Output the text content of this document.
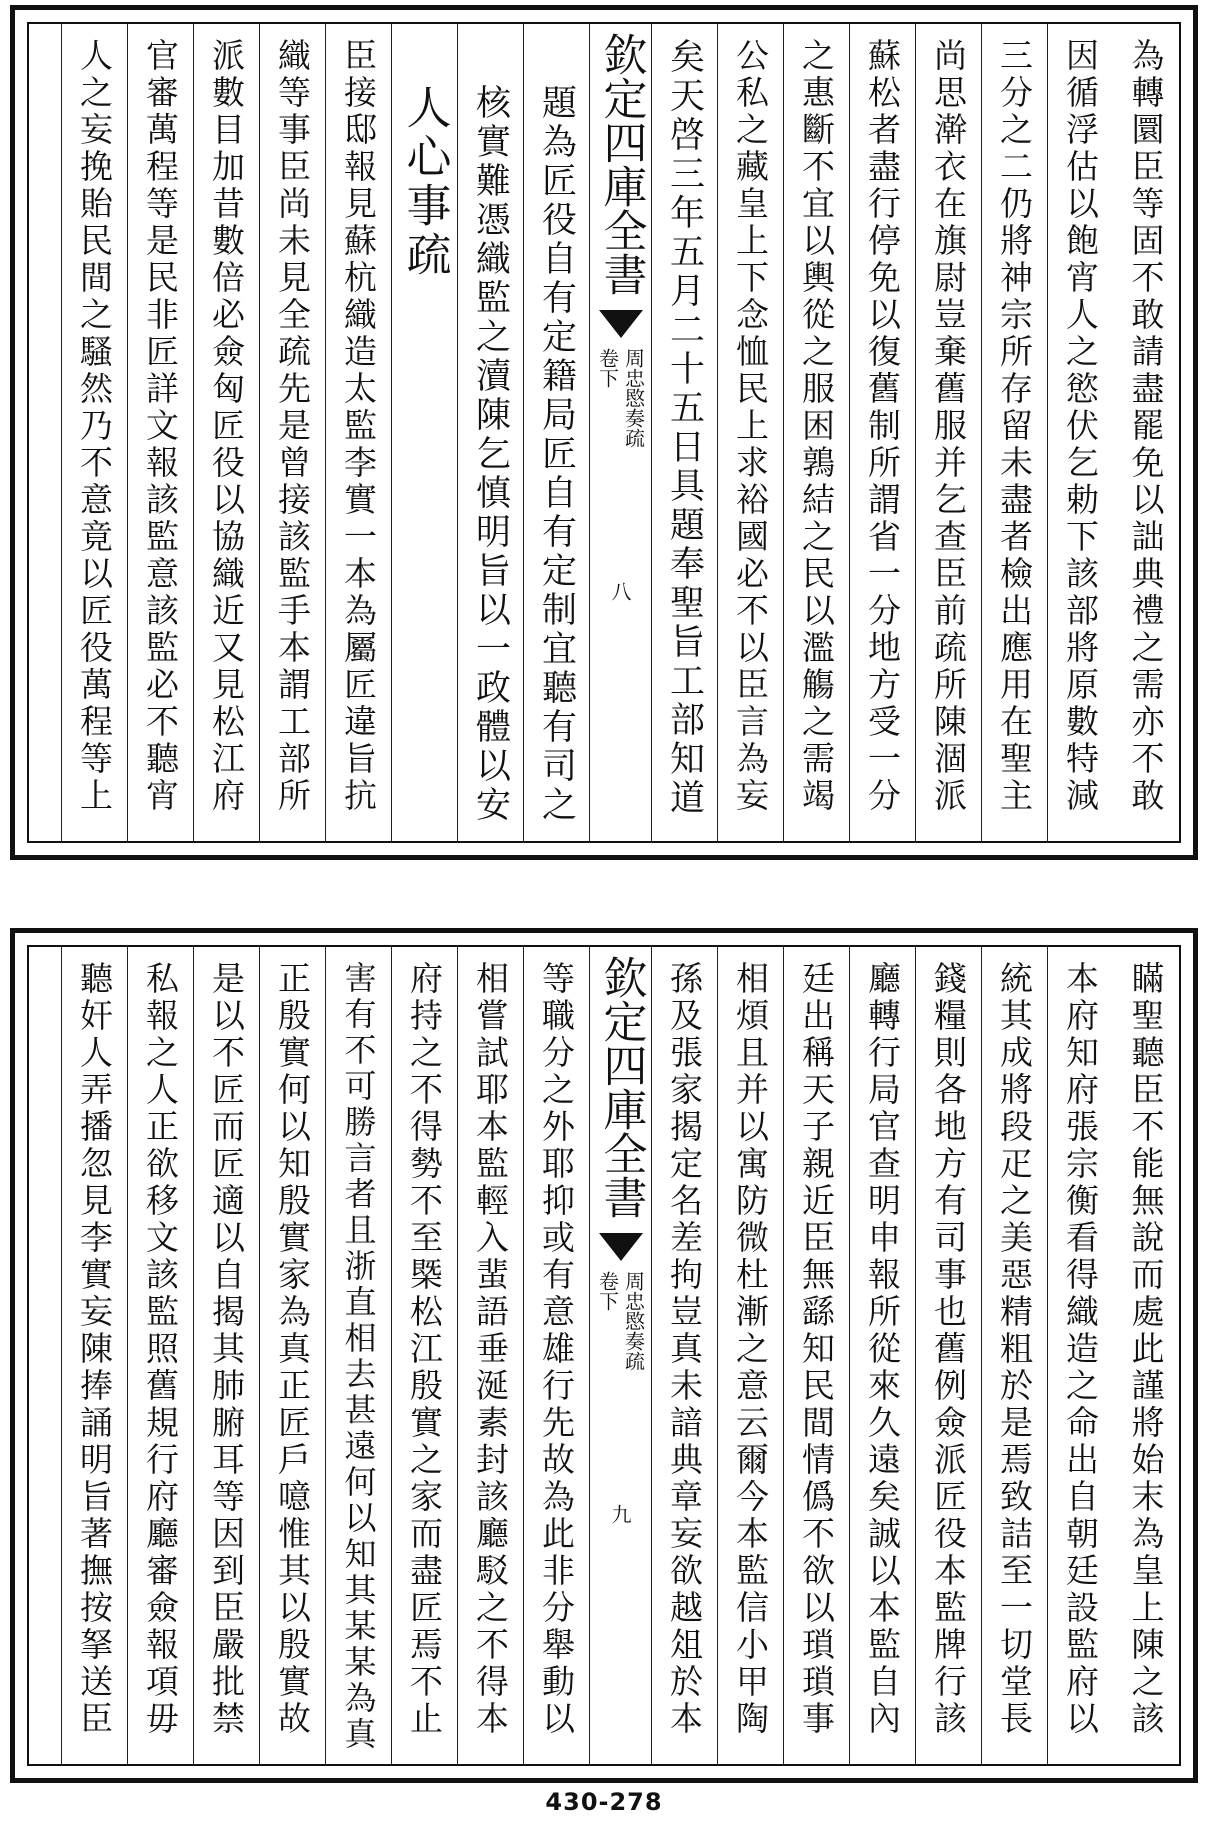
為轉圜臣等固不敢請盡罷免以詘典禮之需亦不敢
因循浮估以飽宵人之慾伏乞勅下該部將原數特減
三分之二仍將神宗所存留未盡者檢出應用在聖主
尚思澣衣在旗尉豈棄舊服并乞查臣前疏所陳涸派
蘇松者盡行停免以復舊制所謂省一分地方受一分
之惠斷不宜以輿從之服困鶉結之民以濫觴之需竭
公私之藏皇上下念恤民上求裕國必不以臣言為妄
矣天啓三年五月二十五日具題奉聖旨工部知道
欽定四庫全書
周忠愍奏疏
卷下
八
題為匠役自有定籍局匠自有定制宜聽有司之
核實難憑織監之瀆陳乞慎明旨以一政體以安
人心事疏
臣接邸報見蘇杭織造太監李實一本為屬匠違旨抗
織等事臣尚未見全疏先是曾接該監手本謂工部所
派數目加昔數倍必僉匈匠役以協織近又見松江府
官審萬程等是民非匠詳文報該監意該監必不聽宵
人之妄挽貽民間之騷然乃不意竟以匠役萬程等上
瞞聖聽臣不能無說而處此謹將始末為皇上陳之該
本府知府張宗衡看得織造之命出自朝廷設監府以
統其成將段疋之美惡精粗於是焉致詰至一切堂長
錢糧則各地方有司事也舊例僉派匠役本監牌行該
廳轉行局官查明申報所從來久遠矣誠以本監自內
廷出稱天子親近臣無繇知民間情僞不欲以瑣瑣事
相煩且并以寓防微杜漸之意云爾今本監信小甲陶
孫及張家揭定名差拘豈真未諳典章妄欲越俎於本
欽定四庫全書
周忠愍奏疏
卷下
九
等職分之外耶抑或有意雄行先故為此非分舉動以
相嘗試耶本監輕入蜚語垂涎素封該廳駁之不得本
府持之不得勢不至槩松江殷實之家而盡匠焉不止
害有不可勝言者且浙直相去甚遠何以知其某某為真
正殷實何以知殷實家為真正匠戶噫惟其以殷實故
是以不匠而匠適以自揭其肺腑耳等因到臣嚴批禁
私報之人正欲移文該監照舊規行府廳審僉報項毋
聽奸人弄播忽見李實妄陳捧誦明旨著撫按拏送臣
430-278
